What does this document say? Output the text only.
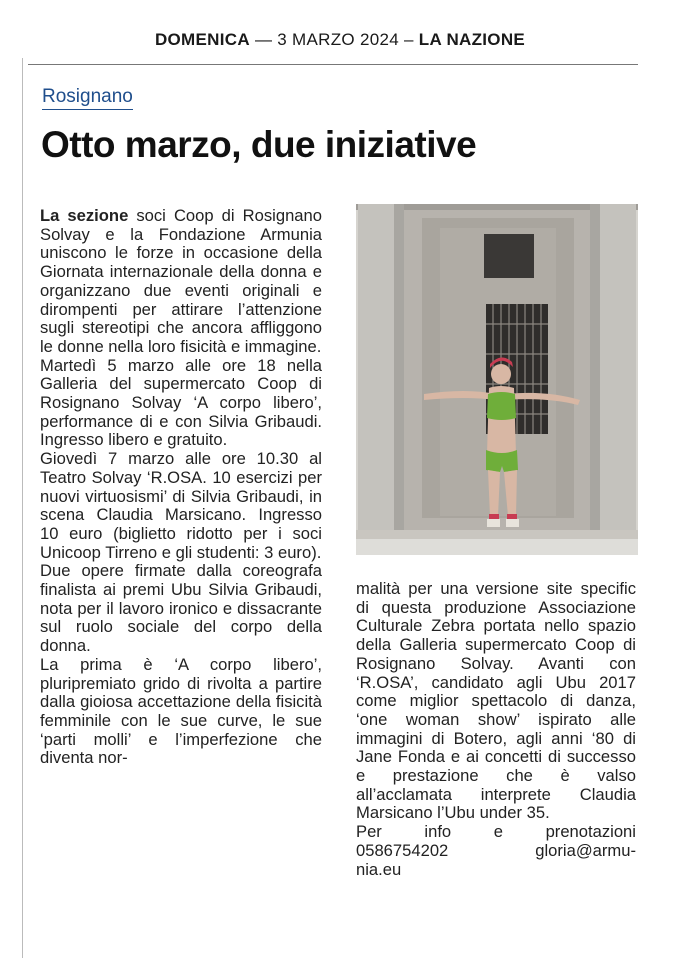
DOMENICA — 3 MARZO 2024 – LA NAZIONE
Rosignano
Otto marzo, due iniziative

La sezione soci Coop di Rosignano Solvay e la Fondazione Armunia uniscono le forze in occasione della Giornata internazionale della donna e organizzano due eventi originali e dirompenti per attirare l’attenzione sugli stereotipi che ancora affliggono le donne nella loro fisicità e immagine.

Martedì 5 marzo alle ore 18 nella Galleria del supermercato Coop di Rosignano Solvay ‘A corpo libero’, performance di e con Silvia Gribaudi. Ingresso libero e gratuito.

Giovedì 7 marzo alle ore 10.30 al Teatro Solvay ‘R.OSA. 10 esercizi per nuovi virtuosismi’ di Silvia Gribaudi, in scena Claudia Marsicano. Ingresso 10 euro (biglietto ridotto per i soci Unicoop Tirreno e gli studenti: 3 euro).

Due opere firmate dalla coreografa finalista ai premi Ubu Silvia Gribaudi, nota per il lavoro ironico e dissacrante sul ruolo sociale del corpo della donna.

La prima è ‘A corpo libero’, pluripremiato grido di rivolta a partire dalla gioiosa accettazione della fisicità femminile con le sue curve, le sue ‘parti molli’ e l’imperfezione che diventa nor-

malità per una versione site specific di questa produzione Associazione Culturale Zebra portata nello spazio della Galleria supermercato Coop di Rosignano Solvay. Avanti con ‘R.OSA’, candidato agli Ubu 2017 come miglior spettacolo di danza, ‘one woman show’ ispirato alle immagini di Botero, agli anni ‘80 di Jane Fonda e ai concetti di successo e prestazione che è valso all’acclamata interprete Claudia Marsicano l’Ubu under 35.

Per	info	e	prenotazioni
0586754202	gloria@armu-
nia.eu
